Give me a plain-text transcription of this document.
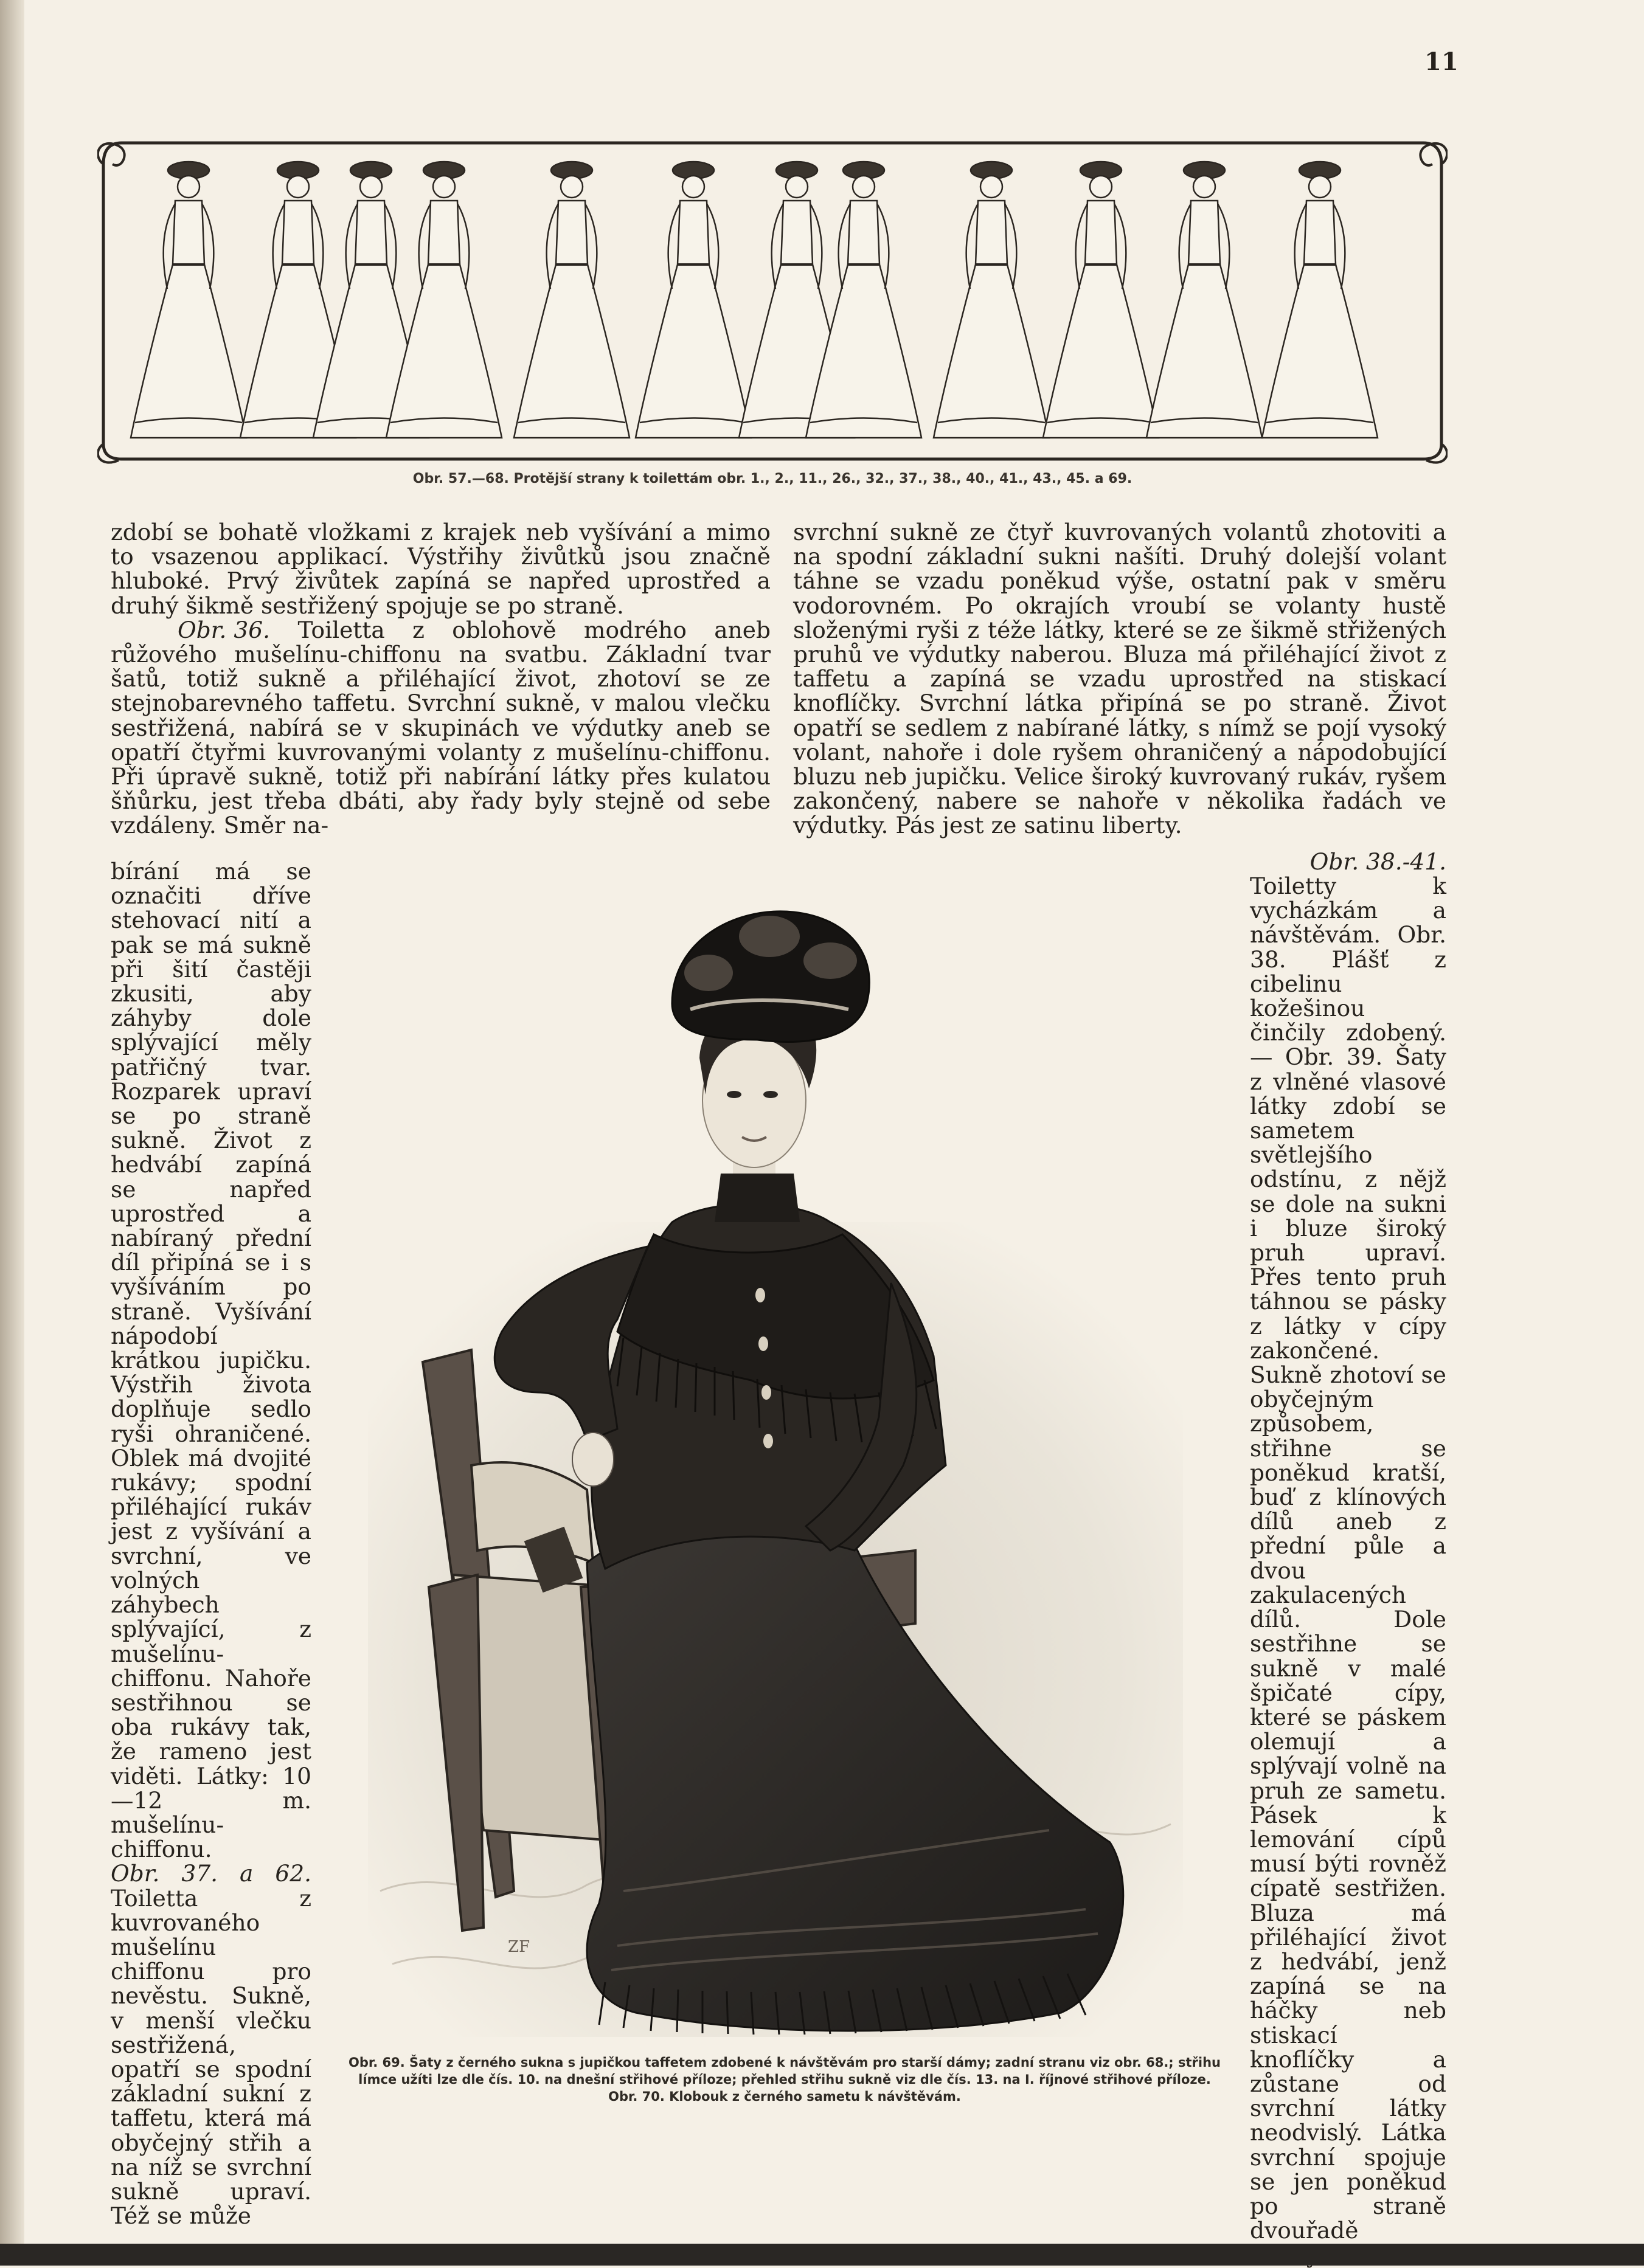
11
Obr. 57.—68. Protější strany k toilettám obr. 1., 2., 11., 26., 32., 37., 38., 40., 41., 43., 45. a 69.

zdobí se bohatě vložkami z krajek neb vyšívání a mimo to vsazenou applikací. Výstřihy živůtků jsou značně hluboké. Prvý živůtek zapíná se napřed uprostřed a druhý šikmě sestřižený spojuje se po straně.

Obr. 36. Toiletta z oblohově modrého aneb růžového mušelínu-chiffonu na svatbu. Základní tvar šatů, totiž sukně a přiléhající život, zhotoví se ze stejnobarevného taffetu. Svrchní sukně, v malou vlečku sestřižená, nabírá se v skupinách ve výdutky aneb se opatří čtyřmi kuvrovanými volanty z mušelínu-chiffonu. Při úpravě sukně, totiž při nabírání látky přes kulatou šňůrku, jest třeba dbáti, aby řady byly stejně od sebe vzdáleny. Směr na-

svrchní sukně ze čtyř kuvrovaných volantů zhotoviti a na spodní základní sukni našíti. Druhý dolejší volant táhne se vzadu poněkud výše, ostatní pak v směru vodorovném. Po okrajích vroubí se volanty hustě složenými ryši z téže látky, které se ze šikmě střižených pruhů ve výdutky naberou. Bluza má přiléhající život z taffetu a zapíná se vzadu uprostřed na stiskací knoflíčky. Svrchní látka připíná se po straně. Život opatří se sedlem z nabírané látky, s nímž se pojí vysoký volant, nahoře i dole ryšem ohraničený a nápodobující bluzu neb jupičku. Velice široký kuvrovaný rukáv, ryšem zakončený, nabere se nahoře v několika řadách ve výdutky. Pás jest ze satinu liberty.

bírání má se označiti dříve stehovací nití a pak se má sukně při šití častěji zkusiti, aby záhyby dole splývající měly patřičný tvar. Rozparek upraví se po straně sukně. Život z hedvábí zapíná se napřed uprostřed a nabíraný přední díl připíná se i s vyšíváním po straně. Vyšívání nápodobí krátkou jupičku. Výstřih života doplňuje sedlo ryši ohraničené. Oblek má dvojité rukávy; spodní přiléhající rukáv jest z vyšívání a svrchní, ve volných záhybech splývající, z mušelínu-chiffonu. Nahoře sestřihnou se oba rukávy tak, že rameno jest viděti. Látky: 10—12 m. mušelínu-chiffonu.

Obr. 37. a 62. Toiletta z kuvrovaného mušelínu chiffonu pro nevěstu. Sukně, v menší vlečku sestřižená, opatří se spodní základní sukní z taffetu, která má obyčejný střih a na níž se svrchní sukně upraví. Též se může

Obr. 38.-41.

Toiletty k vycházkám a návštěvám. Obr. 38. Plášť z cibelinu kožešinou činčily zdobený. — Obr. 39. Šaty z vlněné vlasové látky zdobí se sametem světlejšího odstínu, z nějž se dole na sukni i bluze široký pruh upraví. Přes tento pruh táhnou se pásky z látky v cípy zakončené. Sukně zhotoví se obyčejným způsobem, střihne se poněkud kratší, buď z klínových dílů aneb z přední půle a dvou zakulacených dílů. Dole sestřihne se sukně v malé špičaté cípy, které se páskem olemují a splývají volně na pruh ze sametu. Pásek k lemování cípů musí býti rovněž cípatě sestřižen. Bluza má přiléhající život z hedvábí, jenž zapíná se na háčky neb stiskací knoflíčky a zůstane od svrchní látky neodvislý. Látka svrchní spojuje se jen poněkud po straně dvouřadě

ZF
Obr. 69. Šaty z černého sukna s jupičkou taffetem zdobené k návštěvám pro starší dámy; zadní stranu viz obr. 68.; střihu límce užíti lze dle čís. 10. na dnešní střihové příloze; přehled střihu sukně viz dle čís. 13. na I. říjnové střihové příloze.
Obr. 70. Klobouk z černého sametu k návštěvám.
